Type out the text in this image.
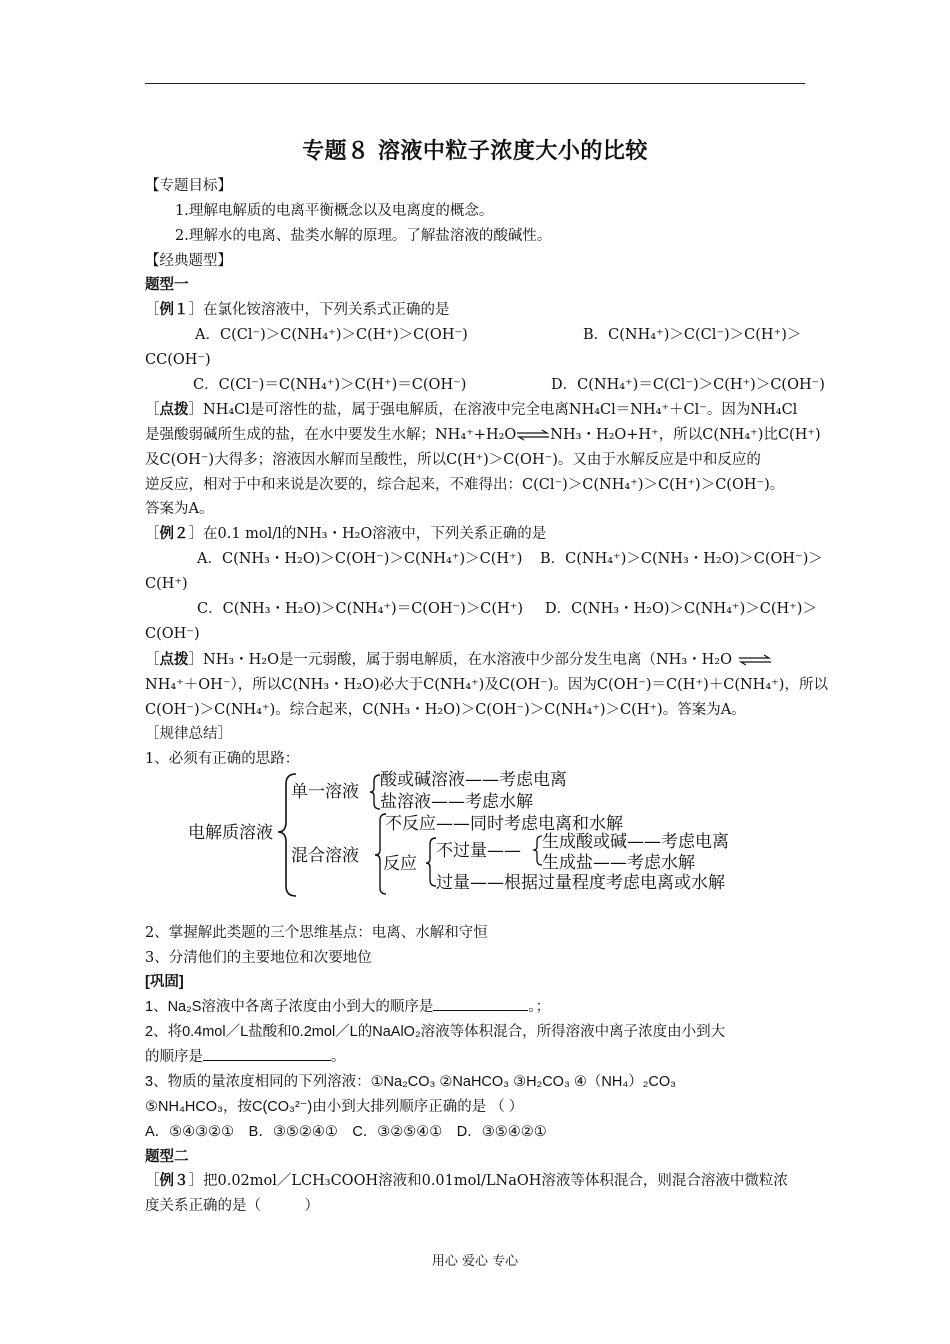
专题８ 溶液中粒子浓度大小的比较
【专题目标】
1.理解电解质的电离平衡概念以及电离度的概念。
2.理解水的电离、盐类水解的原理。了解盐溶液的酸碱性。
【经典题型】
题型一
［例１］在氯化铵溶液中，下列关系式正确的是
A．C(Cl⁻)＞C(NH₄⁺)＞C(H⁺)＞C(OH⁻)	B．C(NH₄⁺)＞C(Cl⁻)＞C(H⁺)＞
CC(OH⁻)
C．C(Cl⁻)＝C(NH₄⁺)＞C(H⁺)＝C(OH⁻)	D．C(NH₄⁺)＝C(Cl⁻)＞C(H⁺)＞C(OH⁻)
［点拨］NH₄Cl是可溶性的盐，属于强电解质，在溶液中完全电离NH₄Cl＝NH₄⁺＋Cl⁻。因为NH₄Cl
是强酸弱碱所生成的盐，在水中要发生水解；NH₄⁺+H₂O⇌NH₃・H₂O+H⁺，所以C(NH₄⁺)比C(H⁺)
及C(OH⁻)大得多；溶液因水解而呈酸性，所以C(H⁺)＞C(OH⁻)。又由于水解反应是中和反应的
逆反应，相对于中和来说是次要的，综合起来，不难得出：C(Cl⁻)＞C(NH₄⁺)＞C(H⁺)＞C(OH⁻)。
答案为A。
［例２］在0.1 mol/l的NH₃・H₂O溶液中，下列关系正确的是
A．C(NH₃・H₂O)＞C(OH⁻)＞C(NH₄⁺)＞C(H⁺) B．C(NH₄⁺)＞C(NH₃・H₂O)＞C(OH⁻)＞
C(H⁺)
C．C(NH₃・H₂O)＞C(NH₄⁺)＝C(OH⁻)＞C(H⁺) D．C(NH₃・H₂O)＞C(NH₄⁺)＞C(H⁺)＞
C(OH⁻)
［点拨］NH₃・H₂O是一元弱酸，属于弱电解质，在水溶液中少部分发生电离（NH₃・H₂O ⇌
NH₄⁺＋OH⁻），所以C(NH₃・H₂O)必大于C(NH₄⁺)及C(OH⁻)。因为C(OH⁻)＝C(H⁺)＋C(NH₄⁺)，所以
C(OH⁻)＞C(NH₄⁺)。综合起来，C(NH₃・H₂O)＞C(OH⁻)＞C(NH₄⁺)＞C(H⁺)。答案为A。
［规律总结］
1、必须有正确的思路：
电解质溶液
单一溶液
酸或碱溶液——考虑电离
盐溶液——考虑水解
混合溶液
不反应——同时考虑电离和水解
反应
不过量—— 生成酸或碱——考虑电离
生成盐——考虑水解
过量——根据过量程度考虑电离或水解
2、掌握解此类题的三个思维基点：电离、水解和守恒
3、分清他们的主要地位和次要地位
[巩固]
1、Na₂S溶液中各离子浓度由小到大的顺序是	。；
2、将0.4mol／L盐酸和0.2mol／L的NaAlO₂溶液等体积混合，所得溶液中离子浓度由小到大
的顺序是	。
3、物质的量浓度相同的下列溶液：①Na₂CO₃ ②NaHCO₃ ③H₂CO₃ ④（NH₄）₂CO₃
⑤NH₄HCO₃，按C(CO₃²⁻)由小到大排列顺序正确的是 （ ）
A．⑤④③②①　B．③⑤②④①　C．③②⑤④①　D．③⑤④②①
题型二
［例３］把0.02mol／LCH₃COOH溶液和0.01mol/LNaOH溶液等体积混合，则混合溶液中微粒浓
度关系正确的是（　　　）
用心 爱心 专心
